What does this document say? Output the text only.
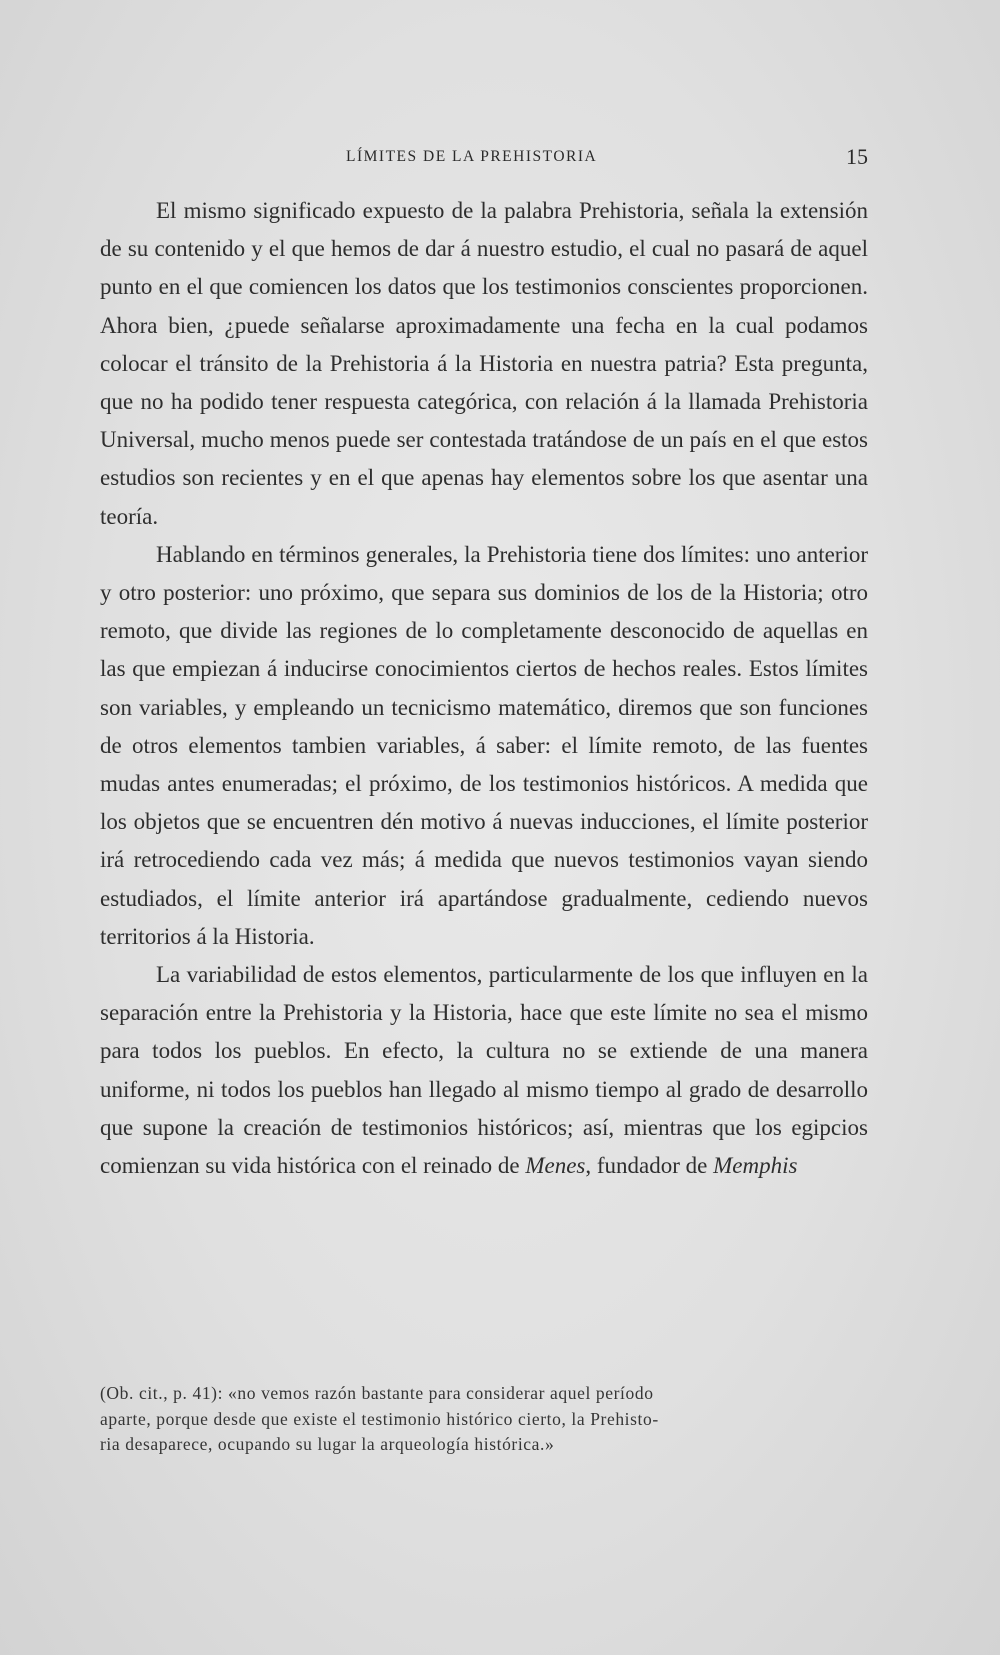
LÍMITES DE LA PREHISTORIA	15

El mismo significado expuesto de la palabra Prehistoria, señala la extensión de su contenido y el que hemos de dar á nuestro estudio, el cual no pasará de aquel punto en el que comiencen los datos que los testimonios conscientes proporcionen. Ahora bien, ¿puede señalarse aproximadamente una fecha en la cual podamos colocar el tránsito de la Prehistoria á la Historia en nuestra patria? Esta pregunta, que no ha podido tener respuesta categórica, con relación á la llamada Prehistoria Universal, mucho menos puede ser contestada tratándose de un país en el que estos estudios son recientes y en el que apenas hay elementos sobre los que asentar una teoría.

Hablando en términos generales, la Prehistoria tiene dos límites: uno anterior y otro posterior: uno próximo, que separa sus dominios de los de la Historia; otro remoto, que divide las regiones de lo completamente desconocido de aquellas en las que empiezan á inducirse conocimientos ciertos de hechos reales. Estos límites son variables, y empleando un tecnicismo matemático, diremos que son funciones de otros elementos tambien variables, á saber: el límite remoto, de las fuentes mudas antes enumeradas; el próximo, de los testimonios históricos. A medida que los objetos que se encuentren dén motivo á nuevas inducciones, el límite posterior irá retrocediendo cada vez más; á medida que nuevos testimonios vayan siendo estudiados, el límite anterior irá apartándose gradualmente, cediendo nuevos territorios á la Historia.

La variabilidad de estos elementos, particularmente de los que influyen en la separación entre la Prehistoria y la Historia, hace que este límite no sea el mismo para todos los pueblos. En efecto, la cultura no se extiende de una manera uniforme, ni todos los pueblos han llegado al mismo tiempo al grado de desarrollo que supone la creación de testimonios históricos; así, mientras que los egipcios comienzan su vida histórica con el reinado de Menes, fundador de Memphis

(Ob. cit., p. 41): «no vemos razón bastante para considerar aquel período
aparte, porque desde que existe el testimonio histórico cierto, la Prehisto-
ria desaparece, ocupando su lugar la arqueología histórica.»
